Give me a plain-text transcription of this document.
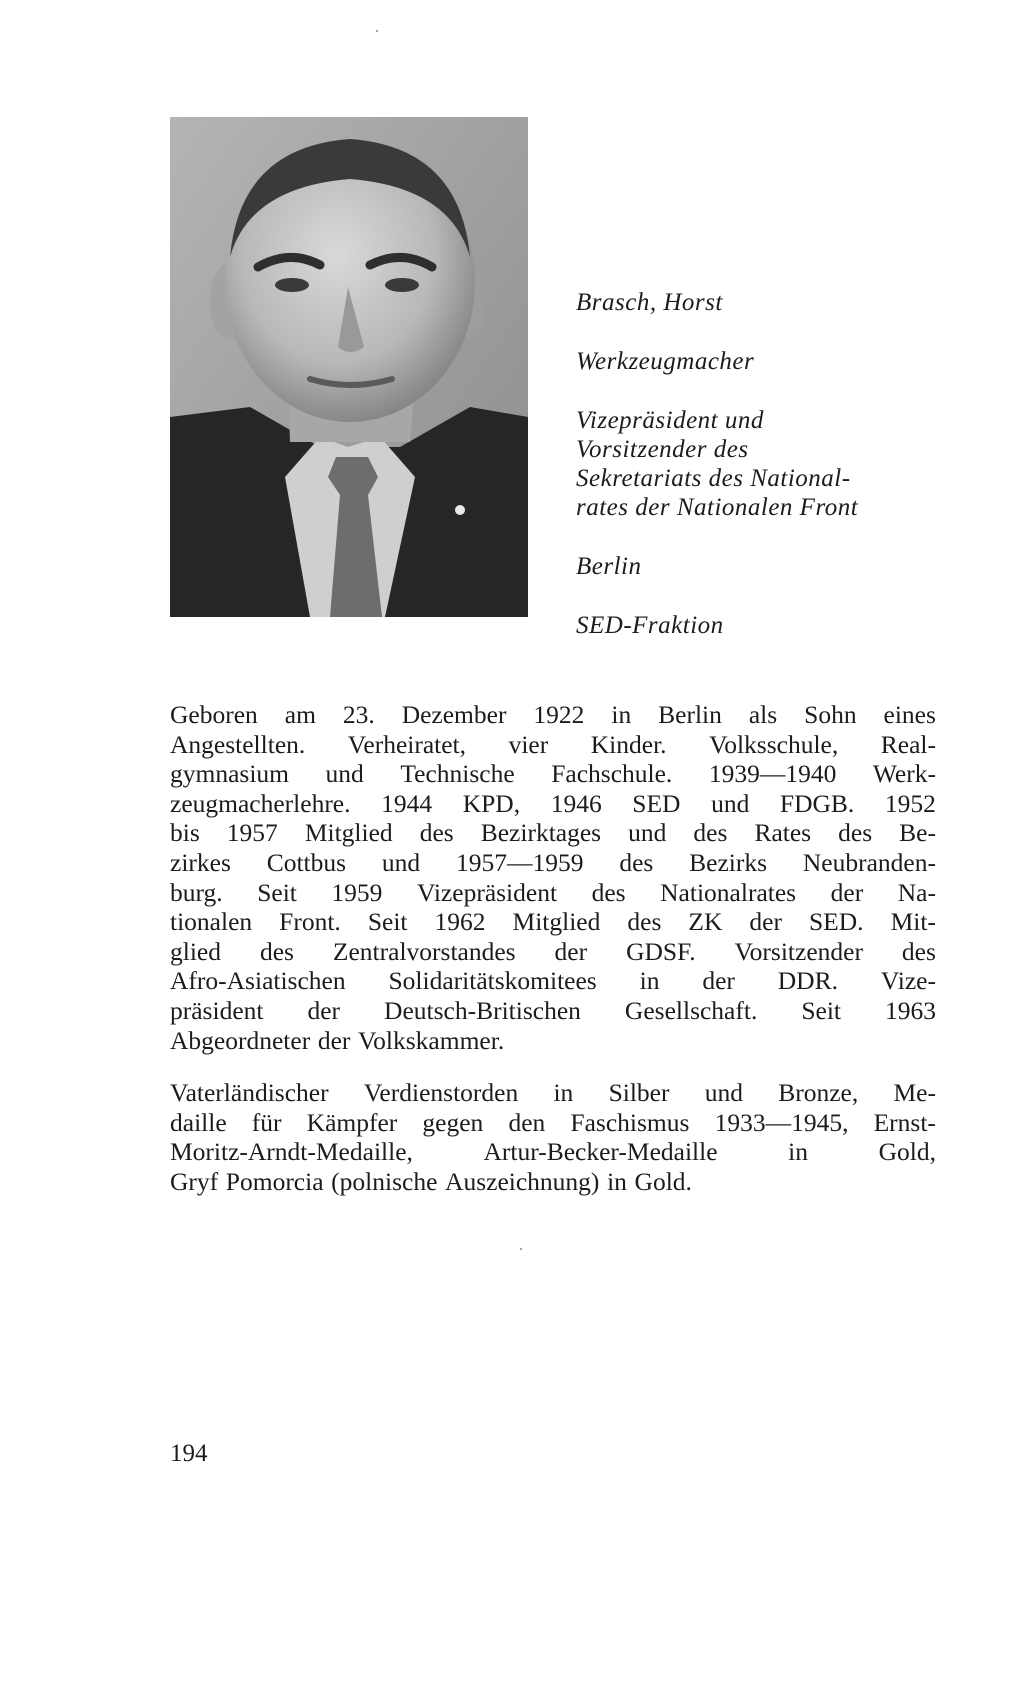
Brasch, Horst
Werkzeugmacher
Vizepräsident und
Vorsitzender des
Sekretariats des National-
rates der Nationalen Front
Berlin
SED-Fraktion
Geboren am 23. Dezember 1922 in Berlin als Sohn eines
Angestellten. Verheiratet, vier Kinder. Volksschule, Real-
gymnasium und Technische Fachschule. 1939—1940 Werk-
zeugmacherlehre. 1944 KPD, 1946 SED und FDGB. 1952
bis 1957 Mitglied des Bezirktages und des Rates des Be-
zirkes Cottbus und 1957—1959 des Bezirks Neubranden-
burg. Seit 1959 Vizepräsident des Nationalrates der Na-
tionalen Front. Seit 1962 Mitglied des ZK der SED. Mit-
glied des Zentralvorstandes der GDSF. Vorsitzender des
Afro-Asiatischen Solidaritätskomitees in der DDR. Vize-
präsident der Deutsch-Britischen Gesellschaft. Seit 1963
Abgeordneter der Volkskammer.
Vaterländischer Verdienstorden in Silber und Bronze, Me-
daille für Kämpfer gegen den Faschismus 1933—1945, Ernst-
Moritz-Arndt-Medaille,	Artur-Becker-Medaille	in	Gold,
Gryf Pomorcia (polnische Auszeichnung) in Gold.
194
